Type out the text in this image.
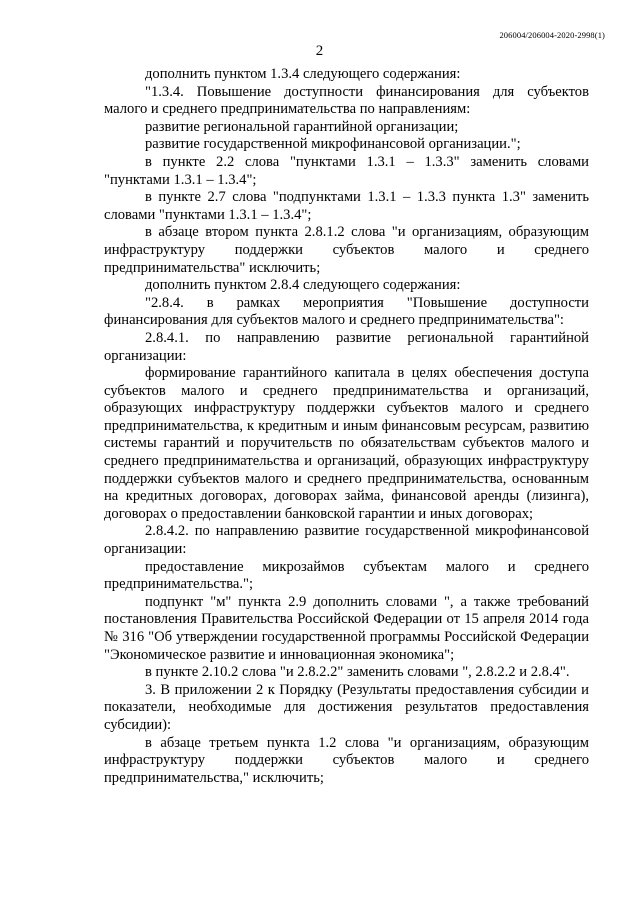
206004/206004-2020-2998(1)
2

дополнить пунктом 1.3.4 следующего содержания:

"1.3.4. Повышение доступности финансирования для субъектов малого и среднего предпринимательства по направлениям:

развитие региональной гарантийной организации;

развитие государственной микрофинансовой организации.";

в пункте 2.2 слова "пунктами 1.3.1 – 1.3.3" заменить словами "пунктами 1.3.1 – 1.3.4";

в пункте 2.7 слова "подпунктами 1.3.1 – 1.3.3 пункта 1.3" заменить словами "пунктами 1.3.1 – 1.3.4";

в абзаце втором пункта 2.8.1.2 слова "и организациям, образующим инфраструктуру поддержки субъектов малого и среднего предпринимательства" исключить;

дополнить пунктом 2.8.4 следующего содержания:

"2.8.4. в рамках мероприятия "Повышение доступности финансирования для субъектов малого и среднего предпринимательства":

2.8.4.1. по направлению развитие региональной гарантийной организации:

формирование гарантийного капитала в целях обеспечения доступа субъектов малого и среднего предпринимательства и организаций, образующих инфраструктуру поддержки субъектов малого и среднего предпринимательства, к кредитным и иным финансовым ресурсам, развитию системы гарантий и поручительств по обязательствам субъектов малого и среднего предпринимательства и организаций, образующих инфраструктуру поддержки субъектов малого и среднего предпринимательства, основанным на кредитных договорах, договорах займа, финансовой аренды (лизинга), договорах о предоставлении банковской гарантии и иных договорах;

2.8.4.2. по направлению развитие государственной микрофинансовой организации:

предоставление микрозаймов субъектам малого и среднего предпринимательства.";

подпункт "м" пункта 2.9 дополнить словами ", а также требований постановления Правительства Российской Федерации от 15 апреля 2014 года № 316 "Об утверждении государственной программы Российской Федерации "Экономическое развитие и инновационная экономика";

в пункте 2.10.2 слова "и 2.8.2.2" заменить словами ", 2.8.2.2 и 2.8.4".

3. В приложении 2 к Порядку (Результаты предоставления субсидии и показатели, необходимые для достижения результатов предоставления субсидии):

в абзаце третьем пункта 1.2 слова "и организациям, образующим инфраструктуру поддержки субъектов малого и среднего предпринимательства," исключить;
